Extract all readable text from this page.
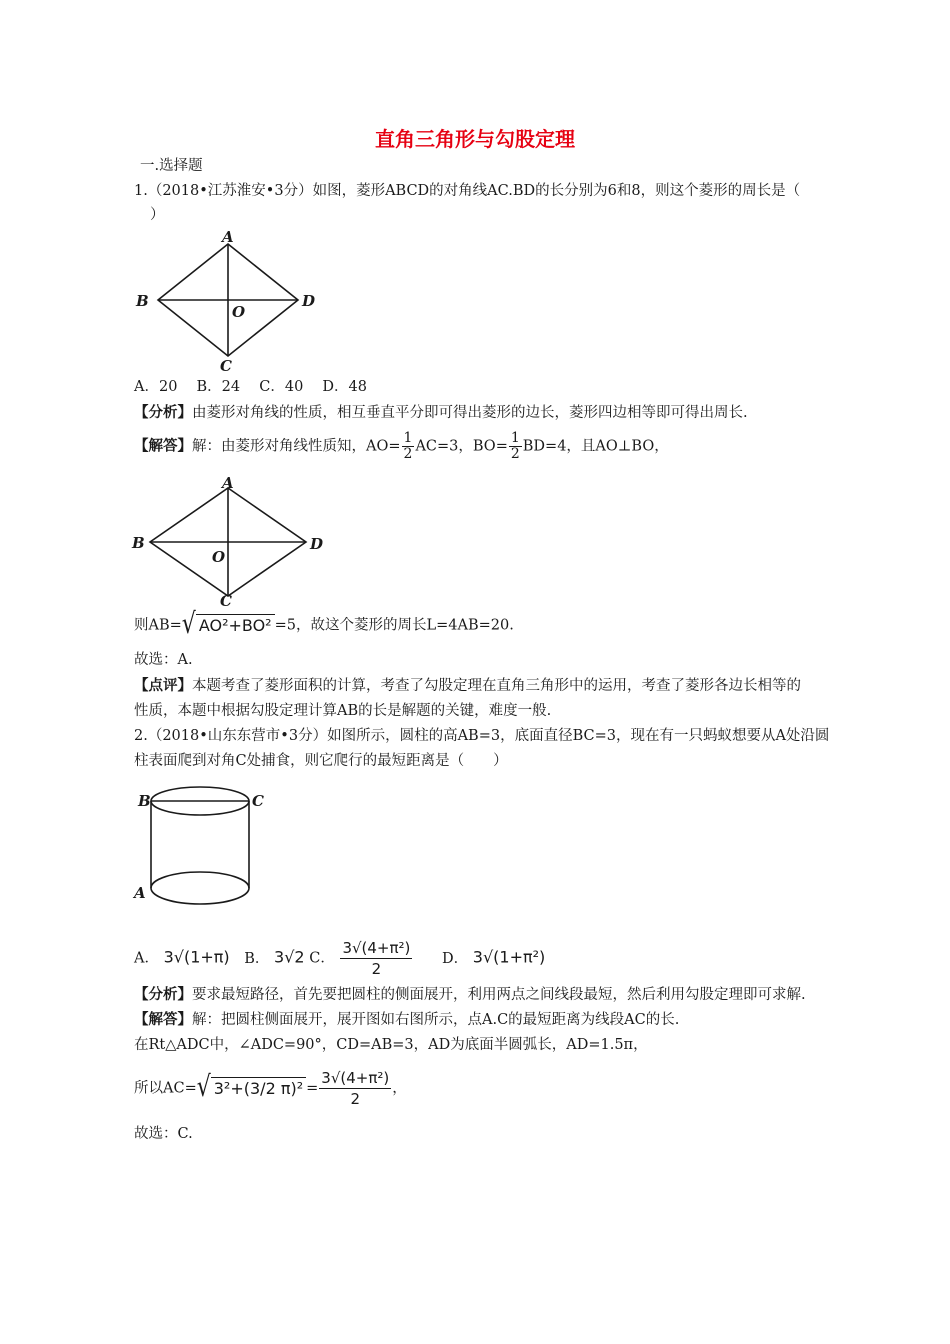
直角三角形与勾股定理
一.选择题
1.（2018•江苏淮安•3分）如图，菱形ABCD的对角线AC.BD的长分别为6和8，则这个菱形的周长是（
）
A
B	D
O
C
A．20　 B．24　 C．40　 D．48
【分析】由菱形对角线的性质，相互垂直平分即可得出菱形的边长，菱形四边相等即可得出周长.
【解答】解：由菱形对角线性质知，$AO= \frac{1}{2} AC=3$，$BO= \frac{1}{2} BD=4$，且AO⊥BO，
A
B	D
O
C
则AB=√ AO²+BO² =5，故这个菱形的周长L=4AB=20.
故选：A.
【点评】本题考查了菱形面积的计算，考查了勾股定理在直角三角形中的运用，考查了菱形各边长相等的
性质，本题中根据勾股定理计算AB的长是解题的关键，难度一般.
2.（2018•山东东营市•3分）如图所示，圆柱的高AB=3，底面直径BC=3，现在有一只蚂蚁想要从A处沿圆
柱表面爬到对角C处捕食，则它爬行的最短距离是（　　）
B	C
A
A． 3√(1+π) B． 3√2 C． $\frac{\text{3√(4+π²)}}{2}$ D． 3√(1+π²)
【分析】要求最短路径，首先要把圆柱的侧面展开，利用两点之间线段最短，然后利用勾股定理即可求解.
【解答】解：把圆柱侧面展开，展开图如右图所示，点A.C的最短距离为线段AC的长.
在Rt△ADC中，∠ADC=90°，CD=AB=3，AD为底面半圆弧长，AD=1.5π，
所以AC=√ 3²+(3/2 $\pi)^2 = \frac{\text{3√(4+π²)}}{2}$ ，
故选：C.
